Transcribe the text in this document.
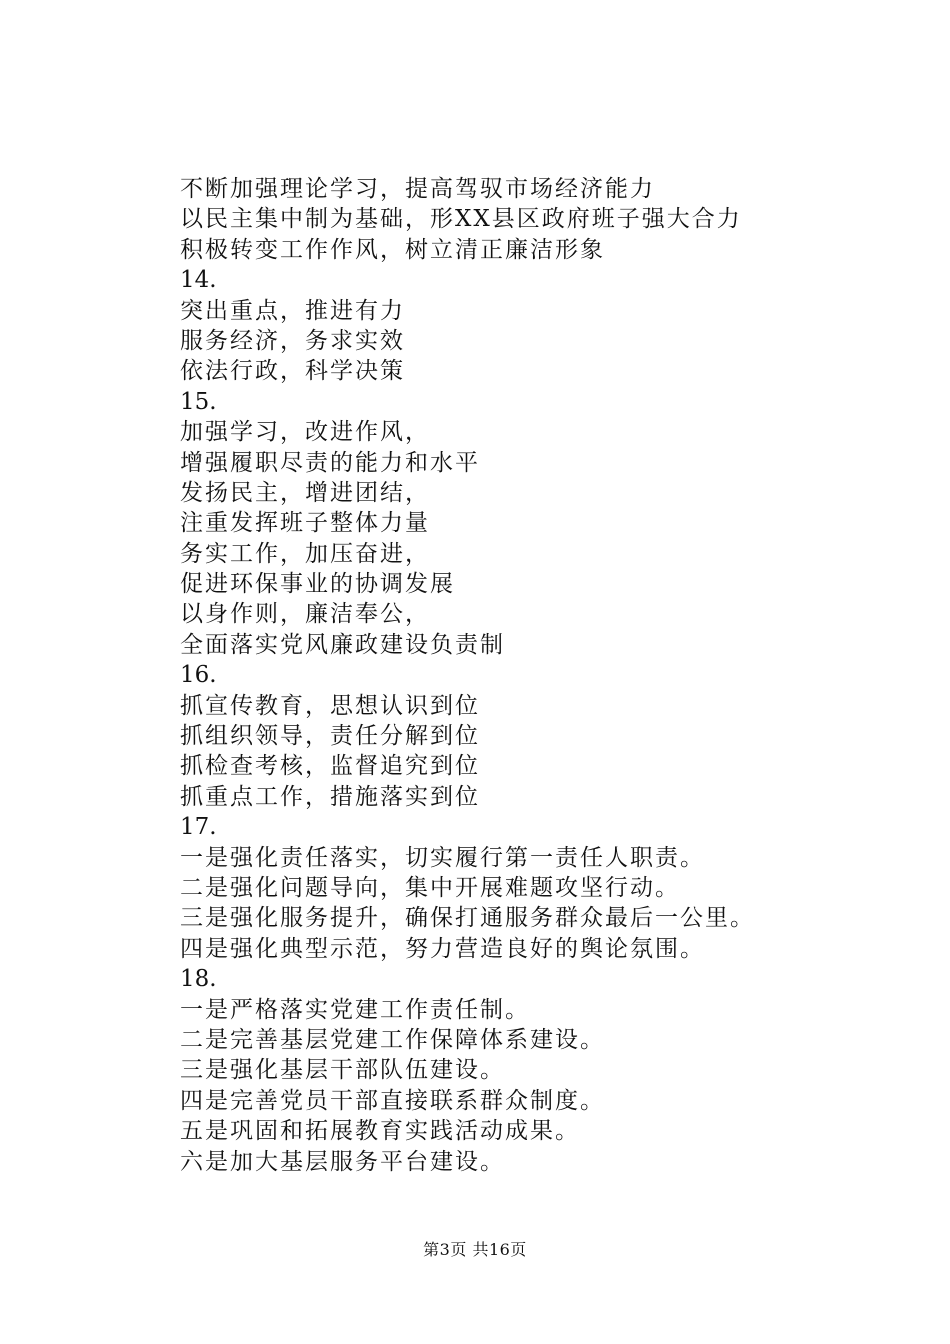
不断加强理论学习，提高驾驭市场经济能力
以民主集中制为基础，形XX县区政府班子强大合力
积极转变工作作风，树立清正廉洁形象
14.
突出重点，推进有力
服务经济，务求实效
依法行政，科学决策
15.
加强学习，改进作风，
增强履职尽责的能力和水平
发扬民主，增进团结，
注重发挥班子整体力量
务实工作，加压奋进，
促进环保事业的协调发展
以身作则，廉洁奉公，
全面落实党风廉政建设负责制
16.
抓宣传教育，思想认识到位
抓组织领导，责任分解到位
抓检查考核，监督追究到位
抓重点工作，措施落实到位
17.
一是强化责任落实，切实履行第一责任人职责。
二是强化问题导向，集中开展难题攻坚行动。
三是强化服务提升，确保打通服务群众最后一公里。
四是强化典型示范，努力营造良好的舆论氛围。
18.
一是严格落实党建工作责任制。
二是完善基层党建工作保障体系建设。
三是强化基层干部队伍建设。
四是完善党员干部直接联系群众制度。
五是巩固和拓展教育实践活动成果。
六是加大基层服务平台建设。
第3页 共16页
